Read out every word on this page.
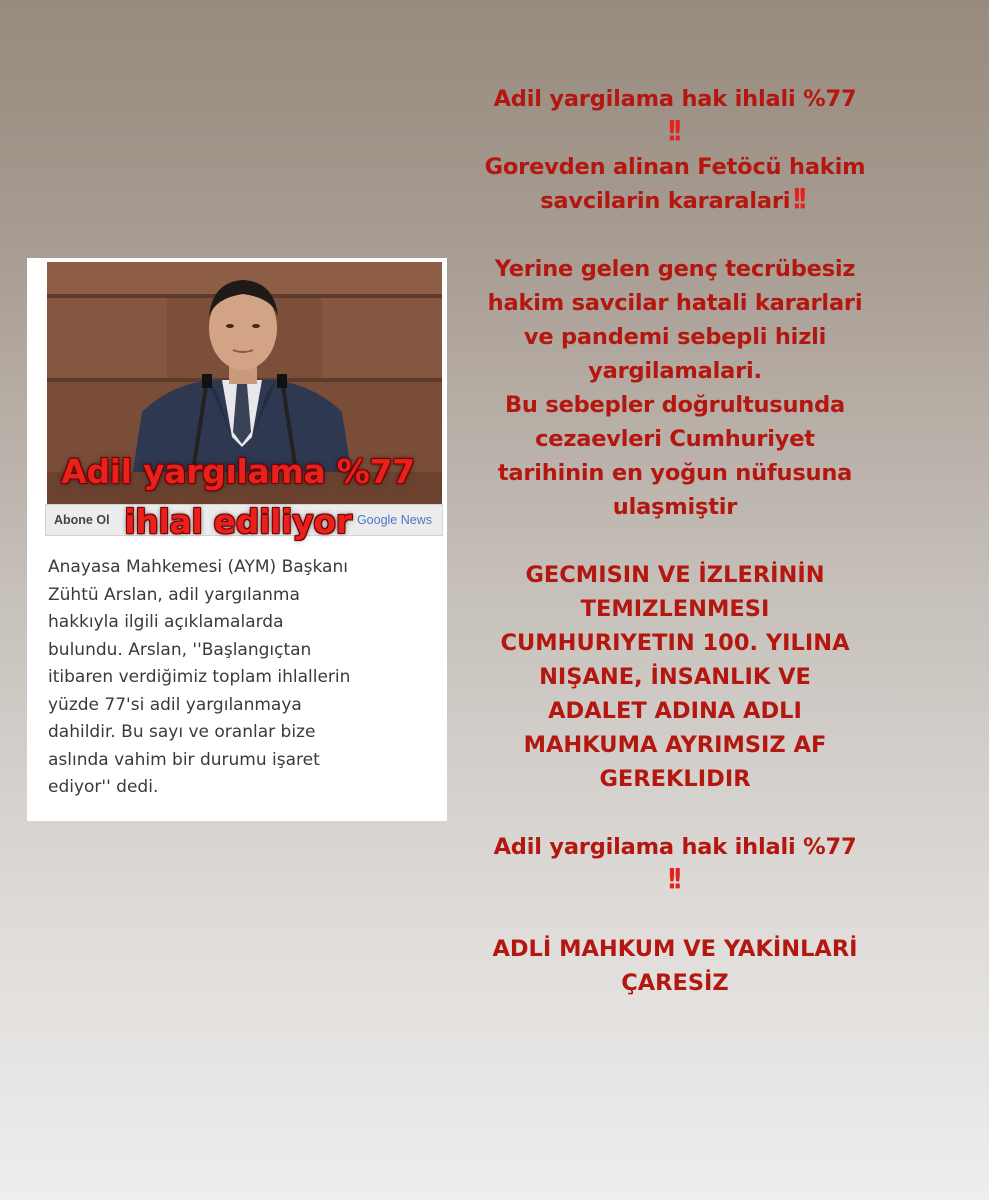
Abone Ol	Google News
Adil yargılama %77
ihlal ediliyor
Anayasa Mahkemesi (AYM) Başkanı
Zühtü Arslan, adil yargılanma
hakkıyla ilgili açıklamalarda
bulundu. Arslan, ''Başlangıçtan
itibaren verdiğimiz toplam ihlallerin
yüzde 77'si adil yargılanmaya
dahildir. Bu sayı ve oranlar bize
aslında vahim bir durumu işaret
ediyor'' dedi.
Adil yargilama hak ihlali %77
!!
Gorevden alinan Fetöcü hakim
savcilarin kararalari!!
Yerine gelen genç tecrübesiz
hakim savcilar hatali kararlari
ve pandemi sebepli hizli
yargilamalari.
Bu sebepler doğrultusunda
cezaevleri Cumhuriyet
tarihinin en yoğun nüfusuna
ulaşmiştir
GECMISIN VE İZLERİNİN
TEMIZLENMESI
CUMHURIYETIN 100. YILINA
NIŞANE, İNSANLIK VE
ADALET ADINA ADLI
MAHKUMA AYRIMSIZ AF
GEREKLIDIR
Adil yargilama hak ihlali %77
!!
ADLİ MAHKUM VE YAKİNLARİ
ÇARESİZ
